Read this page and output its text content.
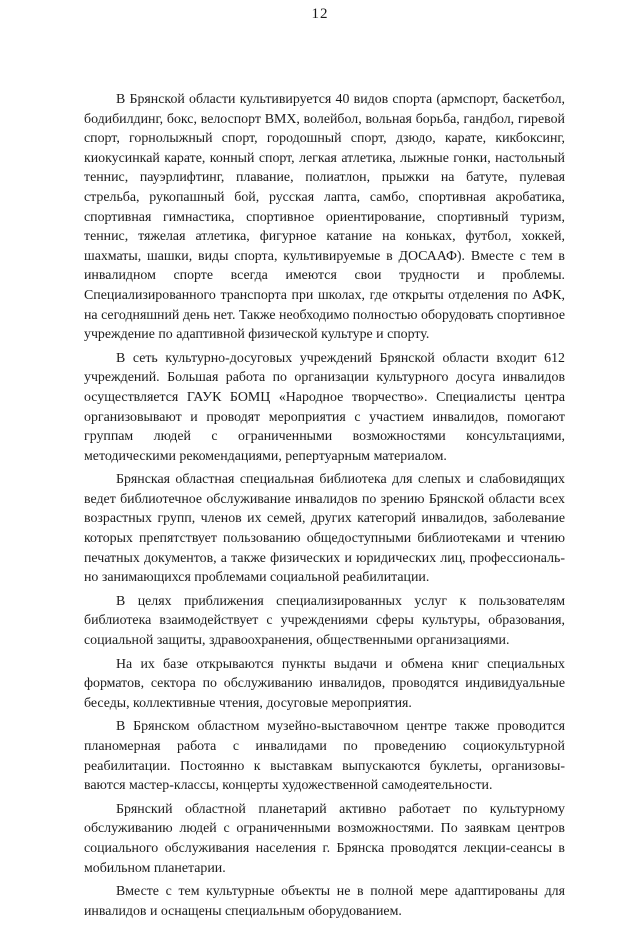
12

В Брянской области культивируется 40 видов спорта (армспорт, баскетбол, бодибилдинг, бокс, велоспорт ВМХ, волейбол, вольная борьба, гандбол, гиревой спорт, горнолыжный спорт, городошный спорт, дзюдо, карате, кикбоксинг, киокусинкай карате, конный спорт, легкая атлетика, лыжные гонки, настольный теннис, пауэрлифтинг, плавание, полиатлон, прыжки на батуте, пулевая стрельба, рукопашный бой, русская лапта, самбо, спортивная акробатика, спортивная гимнастика, спортивное ориентирование, спортивный туризм, теннис, тяжелая атлетика, фигурное катание на коньках, футбол, хоккей, шахматы, шашки, виды спорта, культивируемые в ДОСААФ). Вместе с тем в инвалидном спорте всегда имеются свои трудности и проблемы. Специализированного транспорта при школах, где открыты отделения по АФК, на сегодняшний день нет. Также необходимо полностью оборудовать спортивное учреждение по адаптивной физической культуре и спорту.

В сеть культурно-досуговых учреждений Брянской области входит 612 учреждений. Большая работа по организации культурного досуга инвалидов осуществляется ГАУК БОМЦ «Народное творчество». Специалисты центра организовывают и проводят мероприятия с участием инвалидов, помогают группам людей с ограниченными возможностями консультациями, методическими рекомендациями, репертуарным материалом.

Брянская областная специальная библиотека для слепых и слабовидящих ведет библиотечное обслуживание инвалидов по зрению Брянской области всех возрастных групп, членов их семей, других категорий инвалидов, заболевание которых препятствует пользованию общедоступными библиотеками и чтению печатных документов, а также физических и юридических лиц, профессионально занимающихся проблемами социальной реабилитации.

В целях приближения специализированных услуг к пользователям библиотека взаимодействует с учреждениями сферы культуры, образования, социальной защиты, здравоохранения, общественными организациями.

На их базе открываются пункты выдачи и обмена книг специальных форматов, сектора по обслуживанию инвалидов, проводятся индивидуальные беседы, коллективные чтения, досуговые мероприятия.

В Брянском областном музейно-выставочном центре также проводится планомерная работа с инвалидами по проведению социокультурной реабилитации. Постоянно к выставкам выпускаются буклеты, организовываются мастер-классы, концерты художественной самодеятельности.

Брянский областной планетарий активно работает по культурному обслуживанию людей с ограниченными возможностями. По заявкам центров социального обслуживания населения г. Брянска проводятся лекции-сеансы в мобильном планетарии.

Вместе с тем культурные объекты не в полной мере адаптированы для инвалидов и оснащены специальным оборудованием.
